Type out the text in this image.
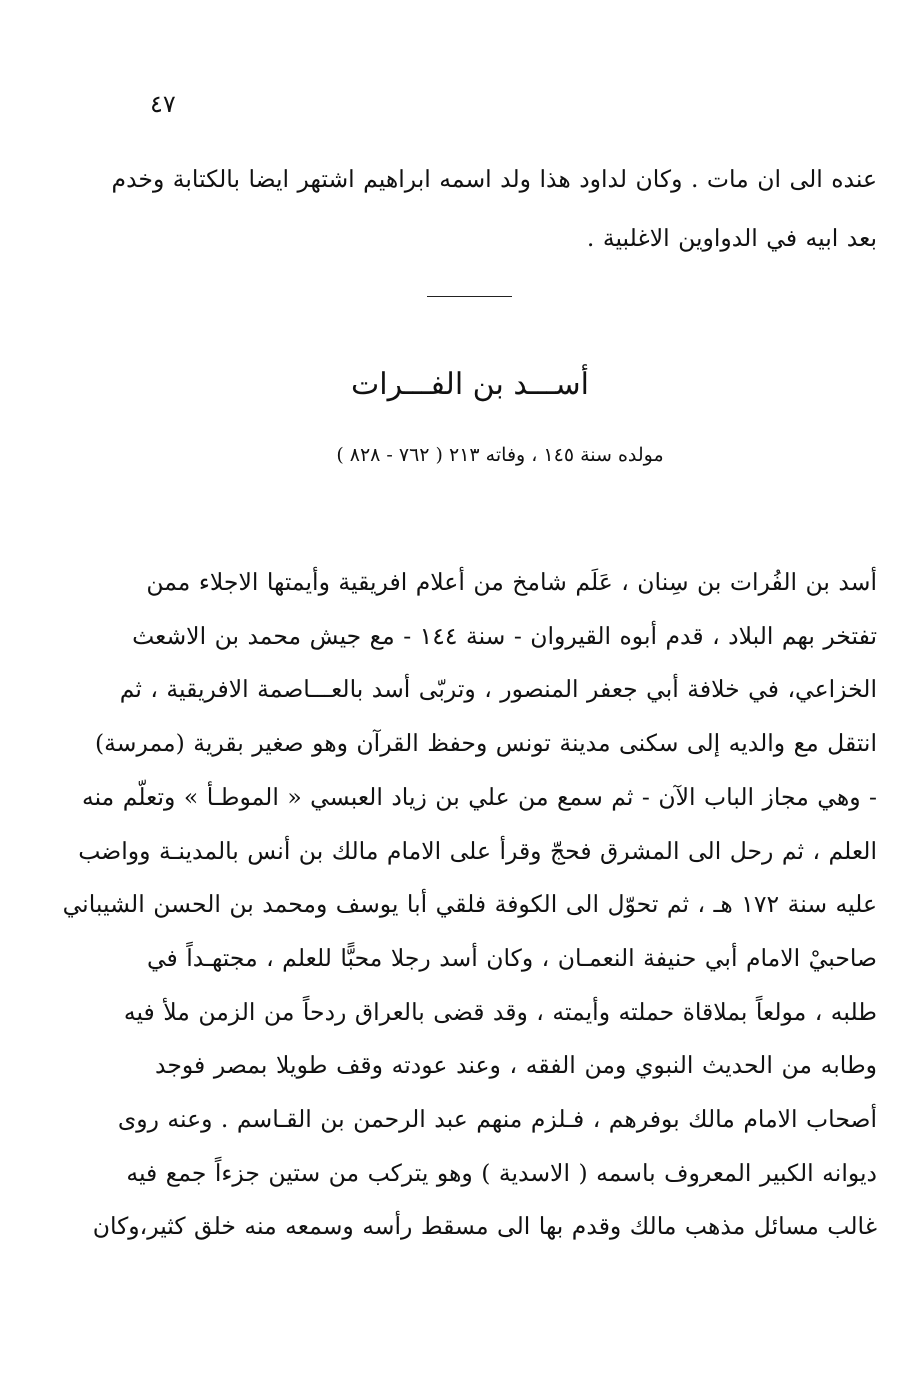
٤٧
عنده الى ان مات . وكان لداود هذا ولد اسمه ابراهيم اشتهر ايضا بالكتابة وخدم
بعد ابيه في الدواوين الاغلبية .
أســـد بن الفـــرات
مولده سنة ١٤٥ ، وفاته ٢١٣ ( ٧٦٢ - ٨٢٨ )
أسد بن الفُرات بن سِنان ، عَلَم شامخ من أعلام افريقية وأيمتها الاجلاء ممن
تفتخر بهم البلاد ، قدم أبوه القيروان - سنة ١٤٤ - مع جيش محمد بن الاشعث
الخزاعي، في خلافة أبي جعفر المنصور ، وتربّى أسد بالعـــاصمة الافريقية ، ثم
انتقل مع والديه إلى سكنى مدينة تونس وحفظ القرآن وهو صغير بقرية (ممرسة)
- وهي مجاز الباب الآن - ثم سمع من علي بن زياد العبسي « الموطـأ » وتعلّم منه
العلم ، ثم رحل الى المشرق فحجّ وقرأ على الامام مالك بن أنس بالمدينـة وواضب
عليه سنة ١٧٢ هـ ، ثم تحوّل الى الكوفة فلقي أبا يوسف ومحمد بن الحسن الشيباني
صاحبيْ الامام أبي حنيفة النعمـان ، وكان أسد رجلا محبًّا للعلم ، مجتهـداً في
طلبه ، مولعاً بملاقاة حملته وأيمته ، وقد قضى بالعراق ردحاً من الزمن ملأ فيه
وطابه من الحديث النبوي ومن الفقه ، وعند عودته وقف طويلا بمصر فوجد
أصحاب الامام مالك بوفرهم ، فـلزم منهم عبد الرحمن بن القـاسم . وعنه روى
ديوانه الكبير المعروف باسمه ( الاسدية ) وهو يتركب من ستين جزءاً جمع فيه
غالب مسائل مذهب مالك وقدم بها الى مسقط رأسه وسمعه منه خلق كثير،وكان
